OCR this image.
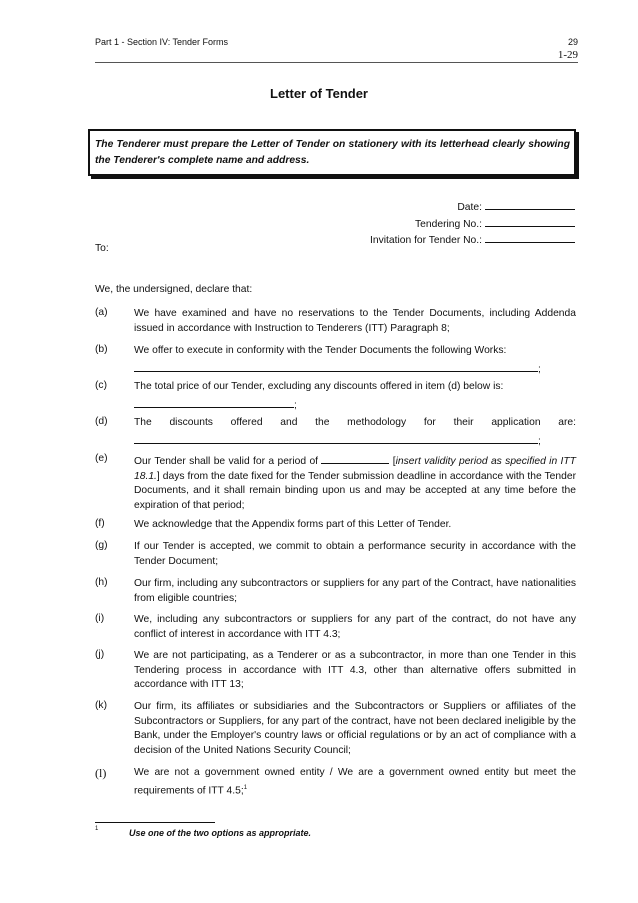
Part 1 - Section IV: Tender Forms	29
1-29
Letter of Tender
The Tenderer must prepare the Letter of Tender on stationery with its letterhead clearly showing the Tenderer's complete name and address.
Date:
Tendering No.:
Invitation for Tender No.:
To:
We, the undersigned, declare that:
(a)	We have examined and have no reservations to the Tender Documents, including Addenda issued in accordance with Instruction to Tenderers (ITT) Paragraph 8;
(b)	We offer to execute in conformity with the Tender Documents the following Works:
;
(c)	The total price of our Tender, excluding any discounts offered in item (d) below is:
;
(d)	The discounts offered and the methodology for their application are:
;
(e)	Our Tender shall be valid for a period of	[insert validity period as specified in ITT 18.1.] days from the date fixed for the Tender submission deadline in accordance with the Tender Documents, and it shall remain binding upon us and may be accepted at any time before the expiration of that period;
(f)	We acknowledge that the Appendix forms part of this Letter of Tender.
(g)	If our Tender is accepted, we commit to obtain a performance security in accordance with the Tender Document;
(h)	Our firm, including any subcontractors or suppliers for any part of the Contract, have nationalities from eligible countries;
(i)	We, including any subcontractors or suppliers for any part of the contract, do not have any conflict of interest in accordance with ITT 4.3;
(j)	We are not participating, as a Tenderer or as a subcontractor, in more than one Tender in this Tendering process in accordance with ITT 4.3, other than alternative offers submitted in accordance with ITT 13;
(k)	Our firm, its affiliates or subsidiaries and the Subcontractors or Suppliers or affiliates of the Subcontractors or Suppliers, for any part of the contract, have not been declared ineligible by the Bank, under the Employer's country laws or official regulations or by an act of compliance with a decision of the United Nations Security Council;
(l)	We are not a government owned entity / We are a government owned entity but meet the requirements of ITT 4.5;$^1$
1	Use one of the two options as appropriate.
